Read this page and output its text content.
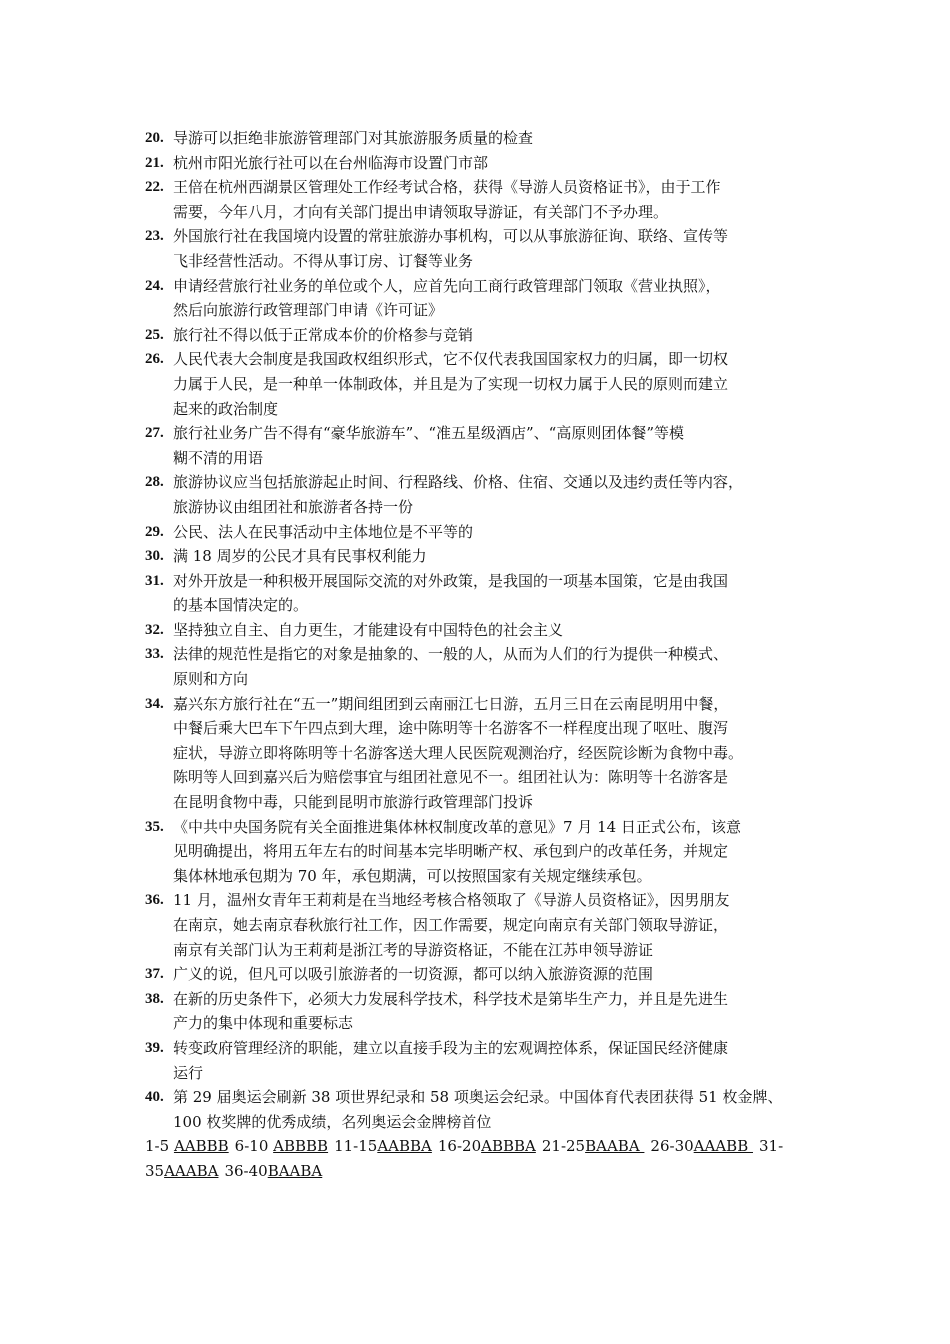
20. 导游可以拒绝非旅游管理部门对其旅游服务质量的检查
21. 杭州市阳光旅行社可以在台州临海市设置门市部
22. 王倍在杭州西湖景区管理处工作经考试合格，获得《导游人员资格证书》，由于工作
需要，今年八月，才向有关部门提出申请领取导游证，有关部门不予办理。
23. 外国旅行社在我国境内设置的常驻旅游办事机构，可以从事旅游征询、联络、宣传等
飞非经营性活动。不得从事订房、订餐等业务
24. 申请经营旅行社业务的单位或个人，应首先向工商行政管理部门领取《营业执照》，
然后向旅游行政管理部门申请《许可证》
25. 旅行社不得以低于正常成本价的价格参与竞销
26. 人民代表大会制度是我国政权组织形式，它不仅代表我国国家权力的归属，即一切权
力属于人民，是一种单一体制政体，并且是为了实现一切权力属于人民的原则而建立
起来的政治制度
27. 旅行社业务广告不得有“豪华旅游车”、“准五星级酒店”、“高原则团体餐”等模
糊不清的用语
28. 旅游协议应当包括旅游起止时间、行程路线、价格、住宿、交通以及违约责任等内容，
旅游协议由组团社和旅游者各持一份
29. 公民、法人在民事活动中主体地位是不平等的
30. 满 18 周岁的公民才具有民事权利能力
31. 对外开放是一种积极开展国际交流的对外政策，是我国的一项基本国策，它是由我国
的基本国情决定的。
32. 坚持独立自主、自力更生，才能建设有中国特色的社会主义
33. 法律的规范性是指它的对象是抽象的、一般的人，从而为人们的行为提供一种模式、
原则和方向
34. 嘉兴东方旅行社在“五一”期间组团到云南丽江七日游，五月三日在云南昆明用中餐，
中餐后乘大巴车下午四点到大理，途中陈明等十名游客不一样程度出现了呕吐、腹泻
症状，导游立即将陈明等十名游客送大理人民医院观测治疗，经医院诊断为食物中毒。
陈明等人回到嘉兴后为赔偿事宜与组团社意见不一。组团社认为：陈明等十名游客是
在昆明食物中毒，只能到昆明市旅游行政管理部门投诉
35. 《中共中央国务院有关全面推进集体林权制度改革的意见》7 月 14 日正式公布，该意
见明确提出，将用五年左右的时间基本完毕明晰产权、承包到户的改革任务，并规定
集体林地承包期为 70 年，承包期满，可以按照国家有关规定继续承包。
36. 11 月，温州女青年王莉莉是在当地经考核合格领取了《导游人员资格证》，因男朋友
在南京，她去南京春秋旅行社工作，因工作需要，规定向南京有关部门领取导游证，
南京有关部门认为王莉莉是浙江考的导游资格证，不能在江苏申领导游证
37. 广义的说，但凡可以吸引旅游者的一切资源，都可以纳入旅游资源的范围
38. 在新的历史条件下，必须大力发展科学技术，科学技术是第毕生产力，并且是先进生
产力的集中体现和重要标志
39. 转变政府管理经济的职能，建立以直接手段为主的宏观调控体系，保证国民经济健康
运行
40. 第 29 届奥运会刷新 38 项世界纪录和 58 项奥运会纪录。中国体育代表团获得 51 枚金牌、
100 枚奖牌的优秀成绩，名列奥运会金牌榜首位
1-5 AABBB 6-10 ABBBB 11-15AABBA 16-20ABBBA 21-25BAABA 26-30AAABB 31-
35AAABA 36-40BAABA
